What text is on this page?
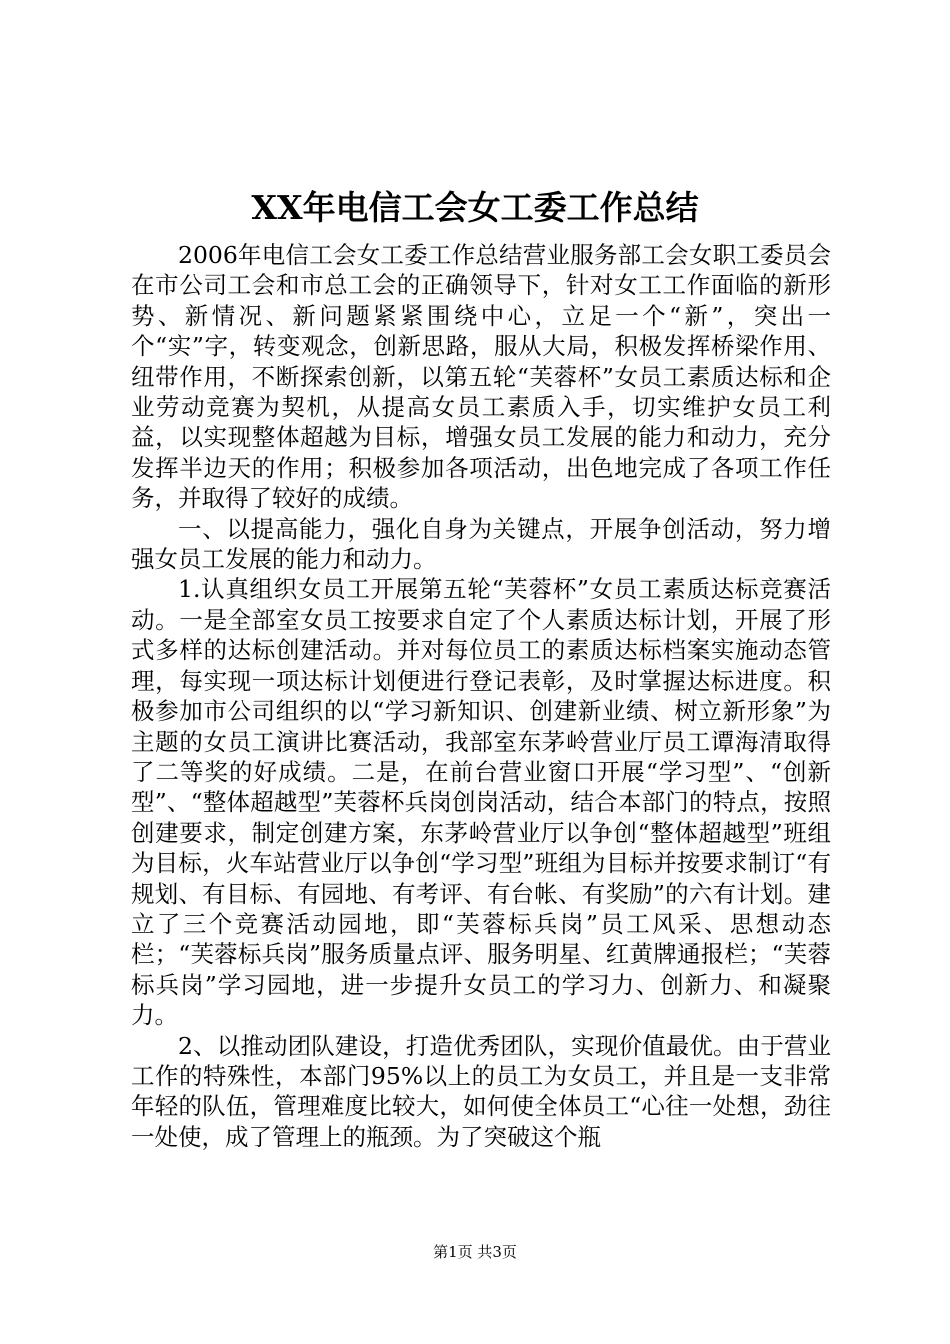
XX年电信工会女工委工作总结

2006年电信工会女工委工作总结营业服务部工会女职工委员会在市公司工会和市总工会的正确领导下，针对女工工作面临的新形势、新情况、新问题紧紧围绕中心，立足一个“新”，突出一个“实”字，转变观念，创新思路，服从大局，积极发挥桥梁作用、纽带作用，不断探索创新，以第五轮“芙蓉杯”女员工素质达标和企业劳动竞赛为契机，从提高女员工素质入手，切实维护女员工利益，以实现整体超越为目标，增强女员工发展的能力和动力，充分发挥半边天的作用；积极参加各项活动，出色地完成了各项工作任务，并取得了较好的成绩。

一、以提高能力，强化自身为关键点，开展争创活动，努力增强女员工发展的能力和动力。

1.认真组织女员工开展第五轮“芙蓉杯”女员工素质达标竞赛活动。一是全部室女员工按要求自定了个人素质达标计划，开展了形式多样的达标创建活动。并对每位员工的素质达标档案实施动态管理，每实现一项达标计划便进行登记表彰，及时掌握达标进度。积极参加市公司组织的以“学习新知识、创建新业绩、树立新形象”为主题的女员工演讲比赛活动，我部室东茅岭营业厅员工谭海清取得了二等奖的好成绩。二是，在前台营业窗口开展“学习型”、“创新型”、“整体超越型”芙蓉杯兵岗创岗活动，结合本部门的特点，按照创建要求，制定创建方案，东茅岭营业厅以争创“整体超越型”班组为目标，火车站营业厅以争创“学习型”班组为目标并按要求制订“有规划、有目标、有园地、有考评、有台帐、有奖励”的六有计划。建立了三个竞赛活动园地，即“芙蓉标兵岗”员工风采、思想动态栏；“芙蓉标兵岗”服务质量点评、服务明星、红黄牌通报栏；“芙蓉标兵岗”学习园地，进一步提升女员工的学习力、创新力、和凝聚力。

2、以推动团队建设，打造优秀团队，实现价值最优。由于营业工作的特殊性，本部门95%以上的员工为女员工，并且是一支非常年轻的队伍，管理难度比较大，如何使全体员工“心往一处想，劲往一处使，成了管理上的瓶颈。为了突破这个瓶

第1页 共3页
